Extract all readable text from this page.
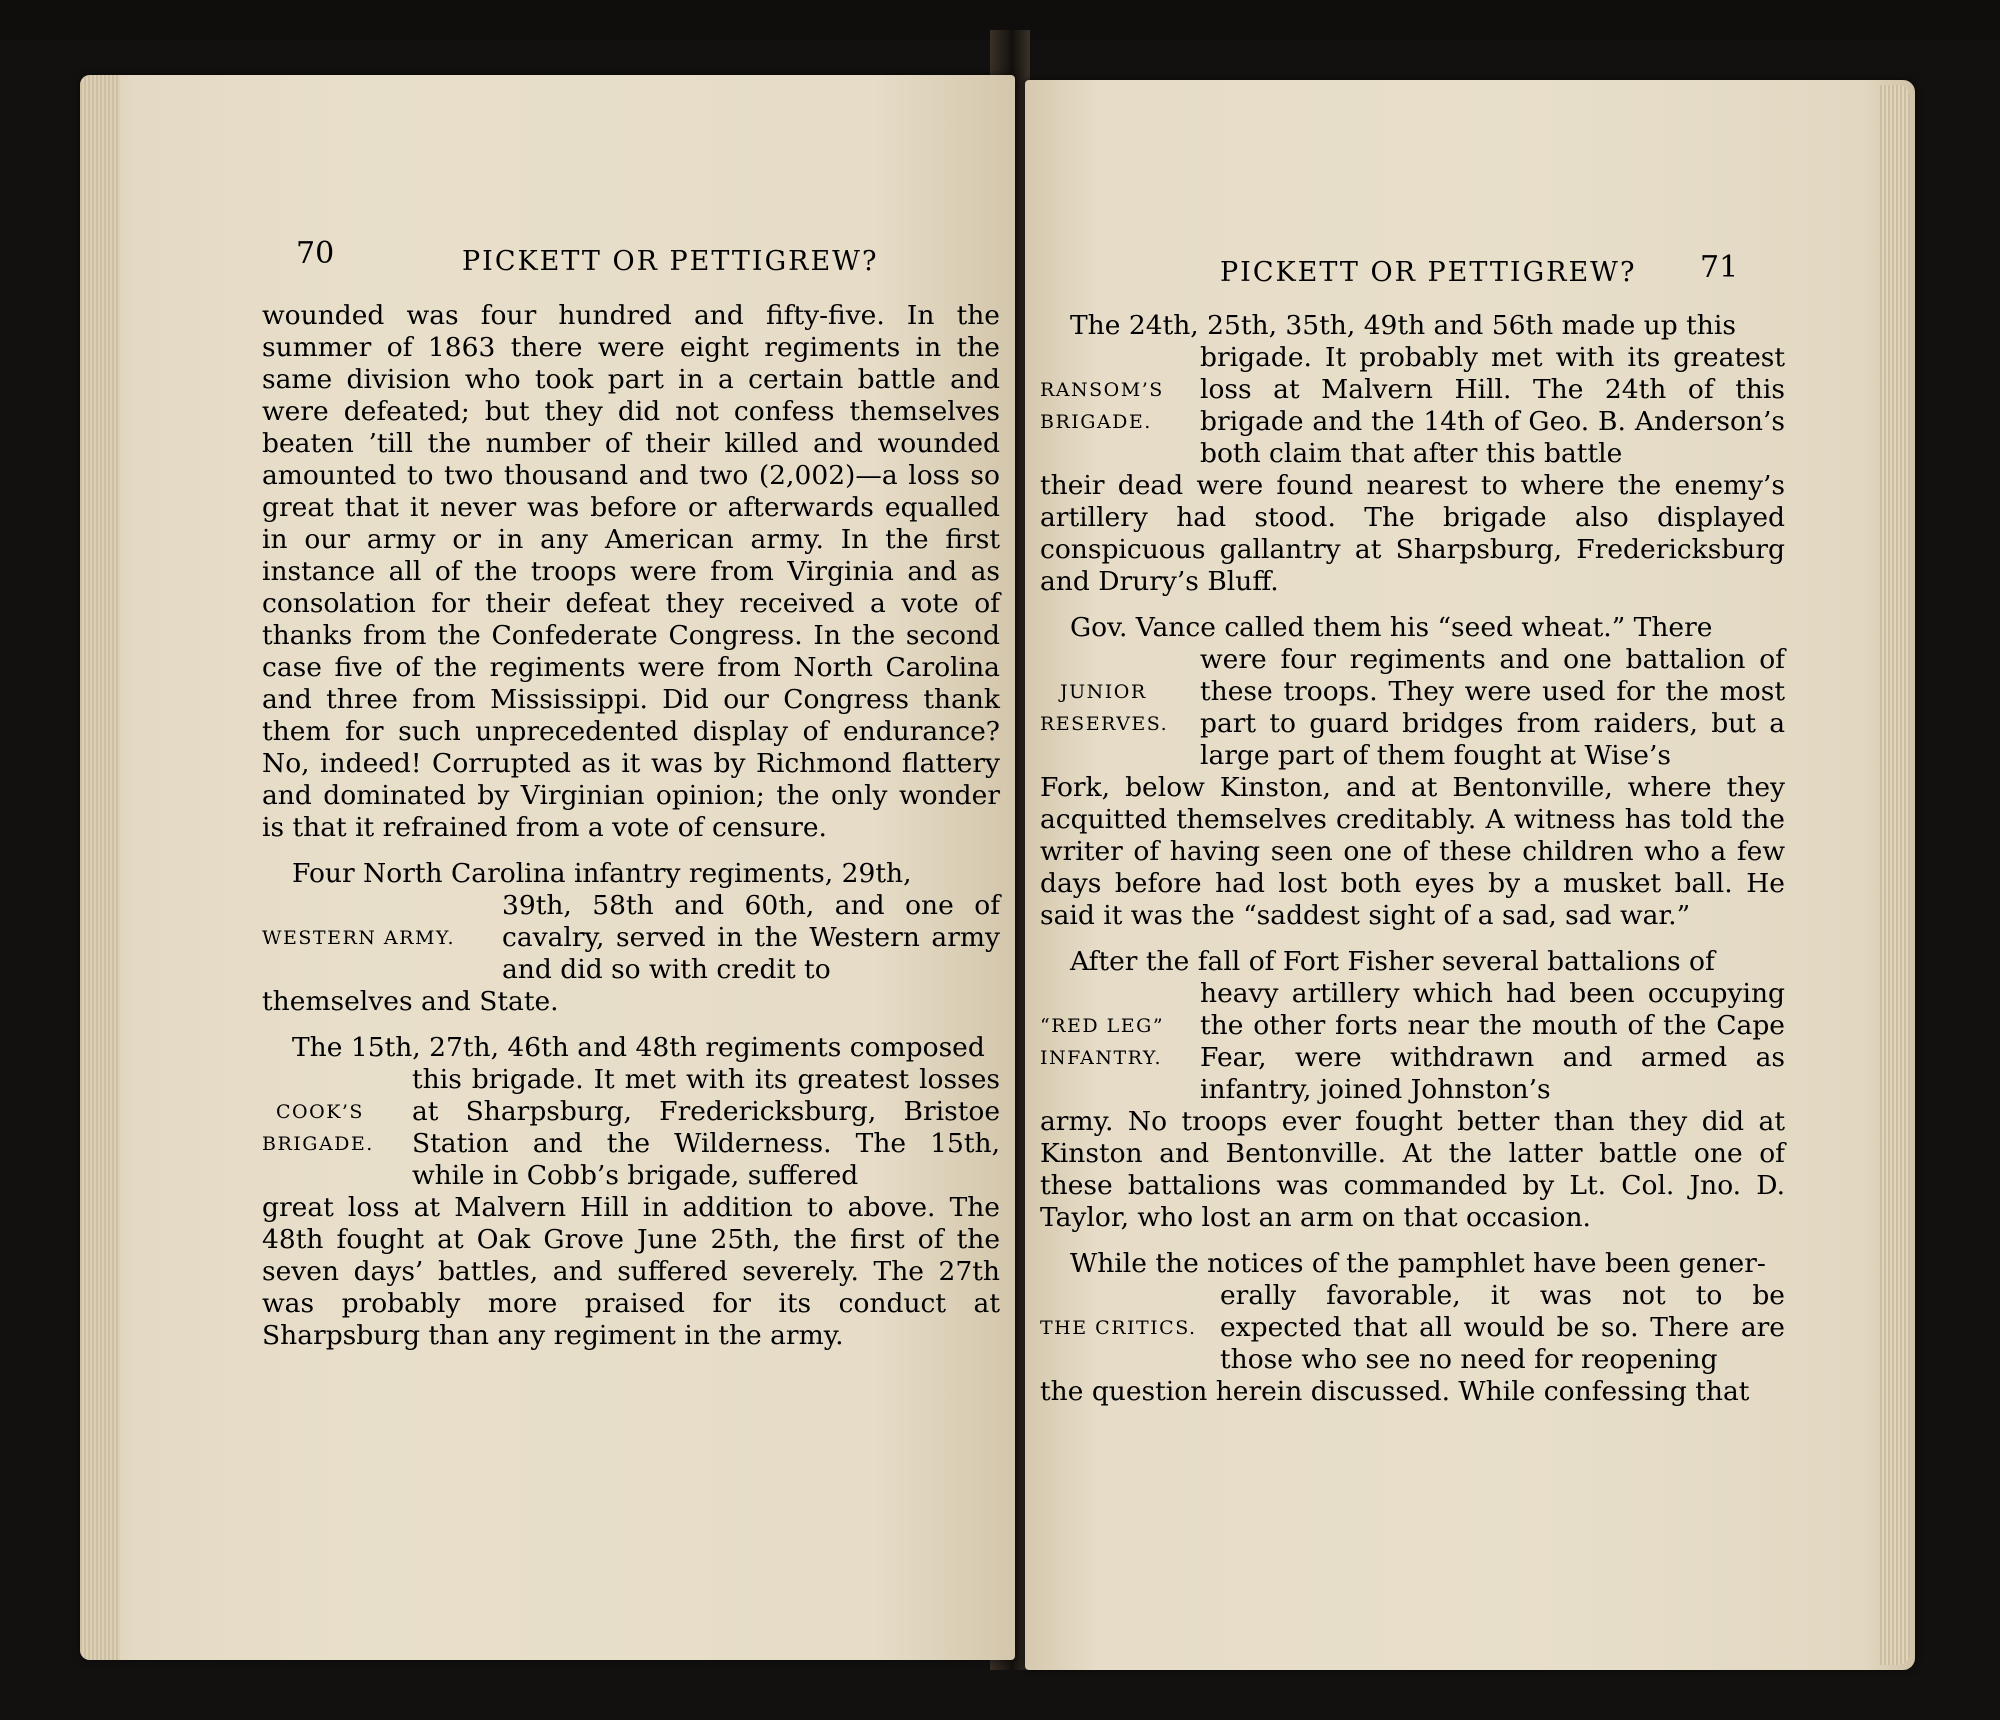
70	PICKETT OR PETTIGREW?

wounded was four hundred and fifty-five. In the summer of 1863 there were eight regiments in the same division who took part in a certain battle and were defeated; but they did not confess themselves beaten ’till the number of their killed and wounded amounted to two thousand and two (2,002)—a loss so great that it never was before or afterwards equalled in our army or in any American army. In the first instance all of the troops were from Virginia and as consolation for their defeat they received a vote of thanks from the Confederate Congress. In the second case five of the regiments were from North Carolina and three from Mississippi. Did our Congress thank them for such unprecedented display of endurance? No, indeed! Corrupted as it was by Richmond flattery and dominated by Virginian opinion; the only wonder is that it refrained from a vote of censure.

Four North Carolina infantry regiments, 29th,
WESTERN ARMY.
39th, 58th and 60th, and one of cavalry, served in the Western army and did so with credit to
themselves and State.
The 15th, 27th, 46th and 48th regiments composed
COOK’S
BRIGADE.
this brigade. It met with its greatest losses at Sharpsburg, Fredericksburg, Bristoe Station and the Wilderness. The 15th, while in Cobb’s brigade, suffered
great loss at Malvern Hill in addition to above. The 48th fought at Oak Grove June 25th, the first of the seven days’ battles, and suffered severely. The 27th was probably more praised for its conduct at Sharpsburg than any regiment in the army.
PICKETT OR PETTIGREW? 71
The 24th, 25th, 35th, 49th and 56th made up this
RANSOM’S
BRIGADE.
brigade. It probably met with its greatest loss at Malvern Hill. The 24th of this brigade and the 14th of Geo. B. Anderson’s both claim that after this battle
their dead were found nearest to where the enemy’s artillery had stood. The brigade also displayed conspicuous gallantry at Sharpsburg, Fredericksburg and Drury’s Bluff.
Gov. Vance called them his “seed wheat.” There
JUNIOR
RESERVES.
were four regiments and one battalion of these troops. They were used for the most part to guard bridges from raiders, but a large part of them fought at Wise’s
Fork, below Kinston, and at Bentonville, where they acquitted themselves creditably. A witness has told the writer of having seen one of these children who a few days before had lost both eyes by a musket ball. He said it was the “saddest sight of a sad, sad war.”
After the fall of Fort Fisher several battalions of
“RED LEG”
INFANTRY.
heavy artillery which had been occupying the other forts near the mouth of the Cape Fear, were withdrawn and armed as infantry, joined Johnston’s
army. No troops ever fought better than they did at Kinston and Bentonville. At the latter battle one of these battalions was commanded by Lt. Col. Jno. D. Taylor, who lost an arm on that occasion.
While the notices of the pamphlet have been gener-
THE CRITICS.
erally favorable, it was not to be expected that all would be so. There are those who see no need for reopening
the question herein discussed. While confessing that
